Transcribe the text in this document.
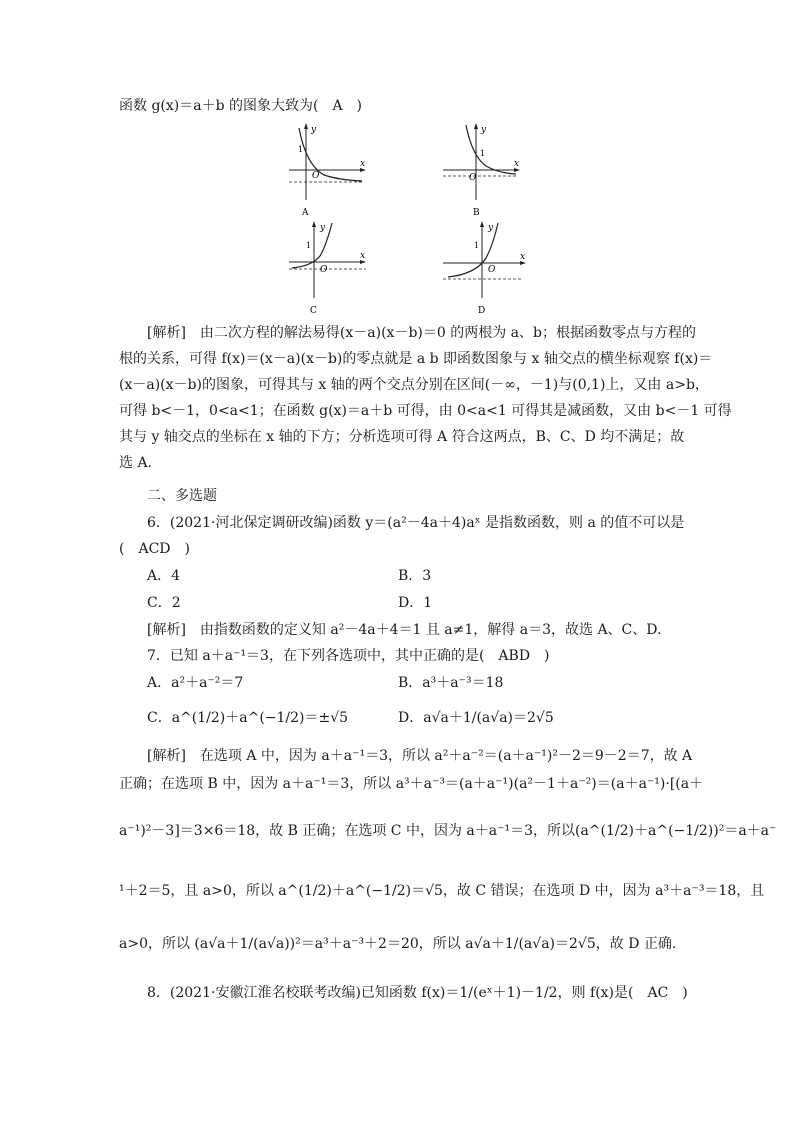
函数 g(x)＝a＋b 的图象大致为(　A　)
y
x
O
1
A
y
x
O
1
B
y
x
O
1
C
y
x
O
1
D
[解析]　由二次方程的解法易得(x－a)(x－b)＝0 的两根为 a、b；根据函数零点与方程的
根的关系，可得 f(x)＝(x－a)(x－b)的零点就是 a b 即函数图象与 x 轴交点的横坐标观察 f(x)＝
(x－a)(x－b)的图象，可得其与 x 轴的两个交点分别在区间(－∞，－1)与(0,1)上，又由 a>b，
可得 b<－1，0<a<1；在函数 g(x)＝a＋b 可得，由 0<a<1 可得其是减函数，又由 b<－1 可得
其与 y 轴交点的坐标在 x 轴的下方；分析选项可得 A 符合这两点，B、C、D 均不满足；故
选 A.
二、多选题
6．(2021·河北保定调研改编)函数 y＝(a²－4a＋4)aˣ 是指数函数，则 a 的值不可以是
(　ACD　)
A．4	B．3
C．2	D．1
[解析]　由指数函数的定义知 a²－4a＋4＝1 且 a≠1，解得 a＝3，故选 A、C、D.
7．已知 a＋a⁻¹＝3，在下列各选项中，其中正确的是(　ABD　)
A．a²＋a⁻²＝7	B．a³＋a⁻³＝18
C．a^(1/2)＋a^(−1/2)＝±√5	D．a√a＋1/(a√a)＝2√5
[解析]　在选项 A 中，因为 a＋a⁻¹＝3，所以 a²＋a⁻²＝(a＋a⁻¹)²－2＝9－2＝7，故 A
正确；在选项 B 中，因为 a＋a⁻¹＝3，所以 a³＋a⁻³＝(a＋a⁻¹)(a²－1＋a⁻²)＝(a＋a⁻¹)·[(a＋
a⁻¹)²－3]＝3×6＝18，故 B 正确；在选项 C 中，因为 a＋a⁻¹＝3，所以(a^(1/2)＋a^(−1/2))²＝a＋a⁻
¹＋2＝5，且 a>0，所以 a^(1/2)＋a^(−1/2)＝√5，故 C 错误；在选项 D 中，因为 a³＋a⁻³＝18，且
a>0，所以 (a√a＋1/(a√a))²＝a³＋a⁻³＋2＝20，所以 a√a＋1/(a√a)＝2√5，故 D 正确.
8．(2021·安徽江淮名校联考改编)已知函数 f(x)＝1/(eˣ＋1)－1/2，则 f(x)是(　AC　)
